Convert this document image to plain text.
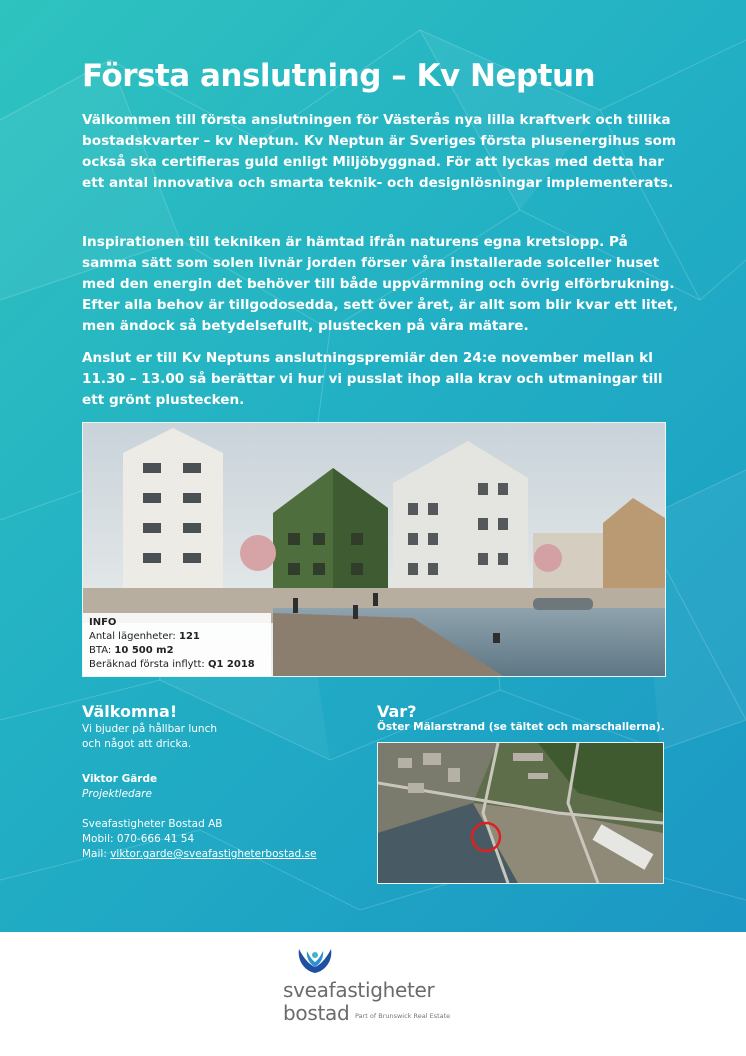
Första anslutning – Kv Neptun

Välkommen till första anslutningen för Västerås nya lilla kraftverk och tillika bostadskvarter – kv Neptun. Kv Neptun är Sveriges första plusenergihus som också ska certifieras guld enligt Miljöbyggnad. För att lyckas med detta har ett antal innovativa och smarta teknik- och designlösningar implementerats.

Inspirationen till tekniken är hämtad ifrån naturens egna kretslopp. På samma sätt som solen livnär jorden förser våra installerade solceller huset med den energin det behöver till både uppvärmning och övrig elförbrukning. Efter alla behov är tillgodosedda, sett över året, är allt som blir kvar ett litet, men ändock så betydelsefullt, plustecken på våra mätare.

Anslut er till Kv Neptuns anslutningspremiär den 24:e november mellan kl 11.30 – 13.00 så berättar vi hur vi pusslat ihop alla krav och utmaningar till ett grönt plustecken.

INFO
Antal lägenheter: 121
BTA: 10 500 m2
Beräknad första inflytt: Q1 2018
Välkomna!

Vi bjuder på hållbar lunch

och något att dricka.

Viktor Gärde

Projektledare

Sveafastigheter Bostad AB

Mobil: 070-666 41 54

Mail: viktor.garde@sveafastigheterbostad.se

Var?

Öster Mälarstrand (se tältet och marschallerna).

sveafastigheter
bostad Part of Brunswick Real Estate
